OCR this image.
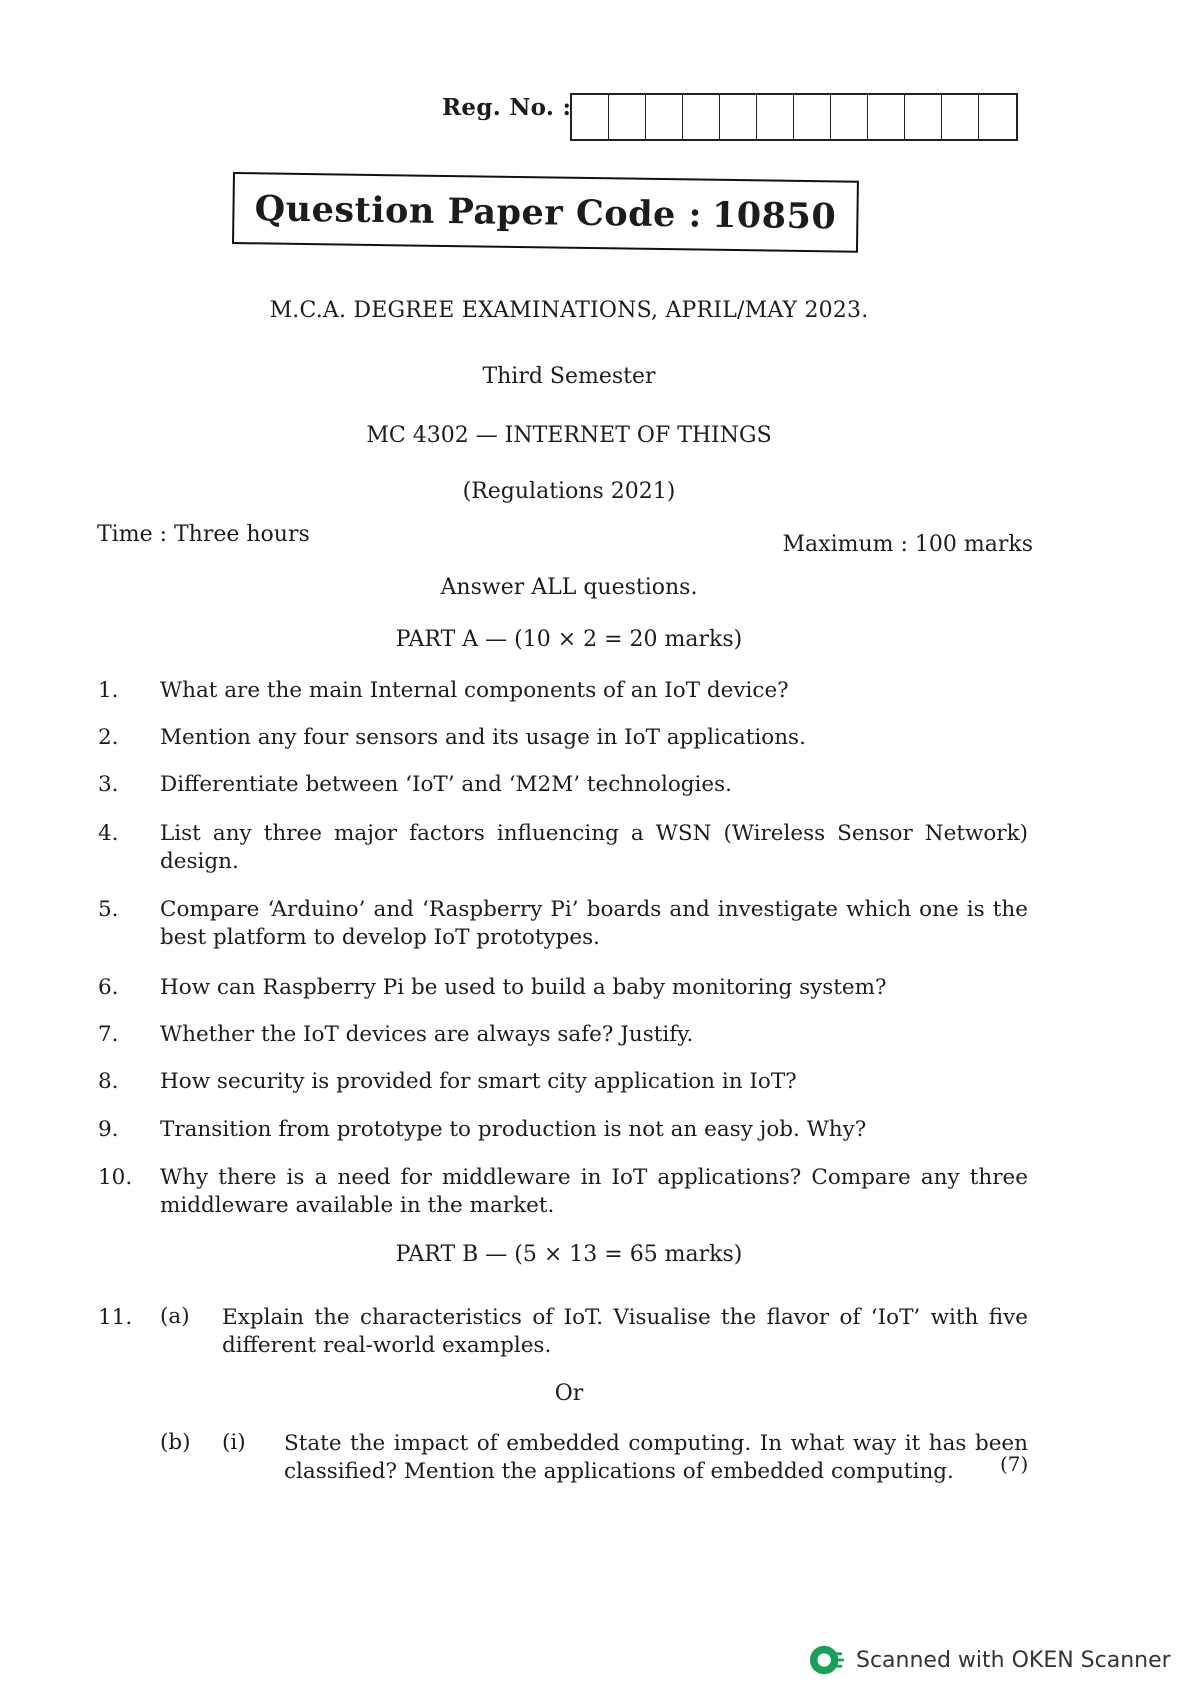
Reg. No. :
Question Paper Code : 10850
M.C.A. DEGREE EXAMINATIONS, APRIL/MAY 2023.
Third Semester
MC 4302 — INTERNET OF THINGS
(Regulations 2021)
Time : Three hours	Maximum : 100 marks
Answer ALL questions.
PART A — (10 × 2 = 20 marks)
1. What are the main Internal components of an IoT device?
2. Mention any four sensors and its usage in IoT applications.
3. Differentiate between ‘IoT’ and ‘M2M’ technologies.
4. List any three major factors influencing a WSN (Wireless Sensor Network) design.
5. Compare ‘Arduino’ and ‘Raspberry Pi’ boards and investigate which one is the best platform to develop IoT prototypes.
6. How can Raspberry Pi be used to build a baby monitoring system?
7. Whether the IoT devices are always safe? Justify.
8. How security is provided for smart city application in IoT?
9. Transition from prototype to production is not an easy job. Why?
10. Why there is a need for middleware in IoT applications? Compare any three middleware available in the market.
PART B — (5 × 13 = 65 marks)
11. (a) Explain the characteristics of IoT. Visualise the flavor of ‘IoT’ with five different real-world examples.
Or
(b) (i) State the impact of embedded computing. In what way it has been classified? Mention the applications of embedded computing.	(7)
Scanned with OKEN Scanner
